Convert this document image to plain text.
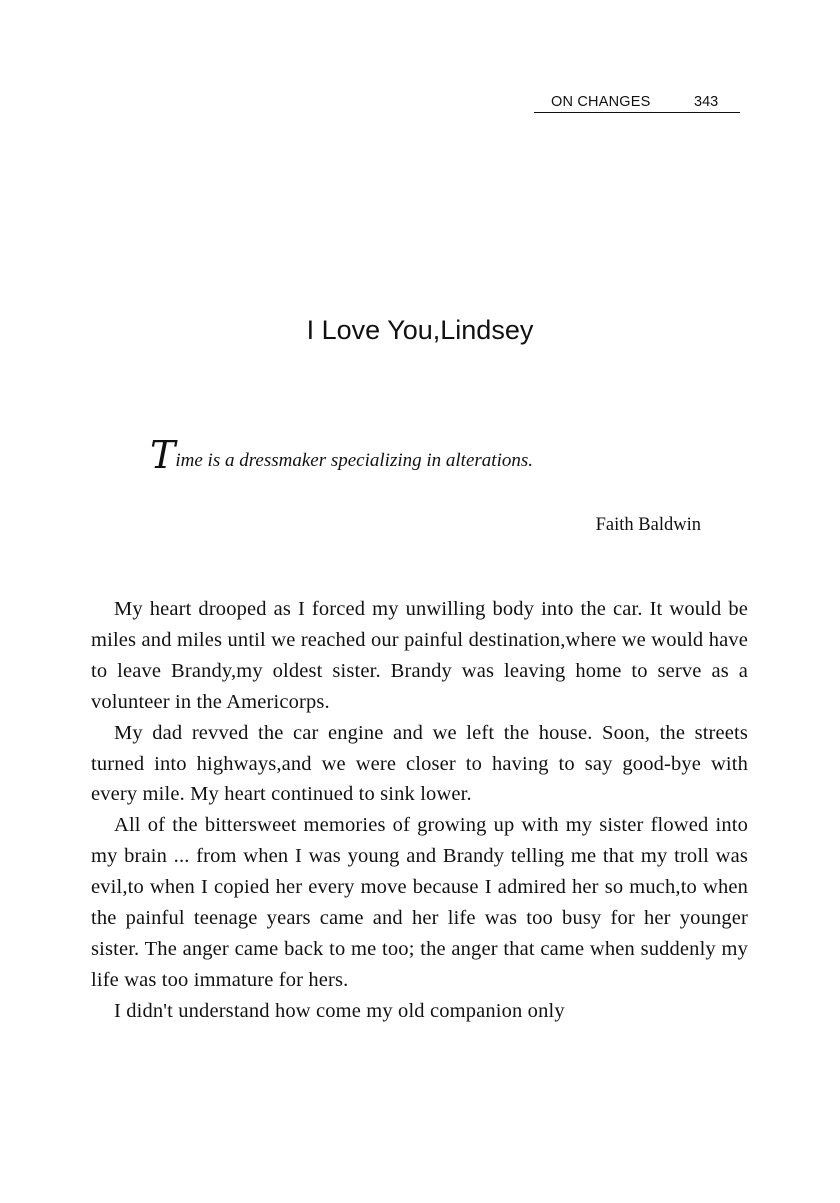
ON CHANGES	343
I Love You,Lindsey

Time is a dressmaker specializing in alterations.

Faith Baldwin

My heart drooped as I forced my unwilling body into the car. It would be miles and miles until we reached our painful destination,where we would have to leave Brandy,my oldest sister. Brandy was leaving home to serve as a volunteer in the Americorps.

My dad revved the car engine and we left the house. Soon, the streets turned into highways,and we were closer to having to say good-bye with every mile. My heart continued to sink lower.

All of the bittersweet memories of growing up with my sister flowed into my brain ... from when I was young and Brandy telling me that my troll was evil,to when I copied her every move because I admired her so much,to when the painful teenage years came and her life was too busy for her younger sister. The anger came back to me too; the anger that came when suddenly my life was too immature for hers.

I didn't understand how come my old companion only
